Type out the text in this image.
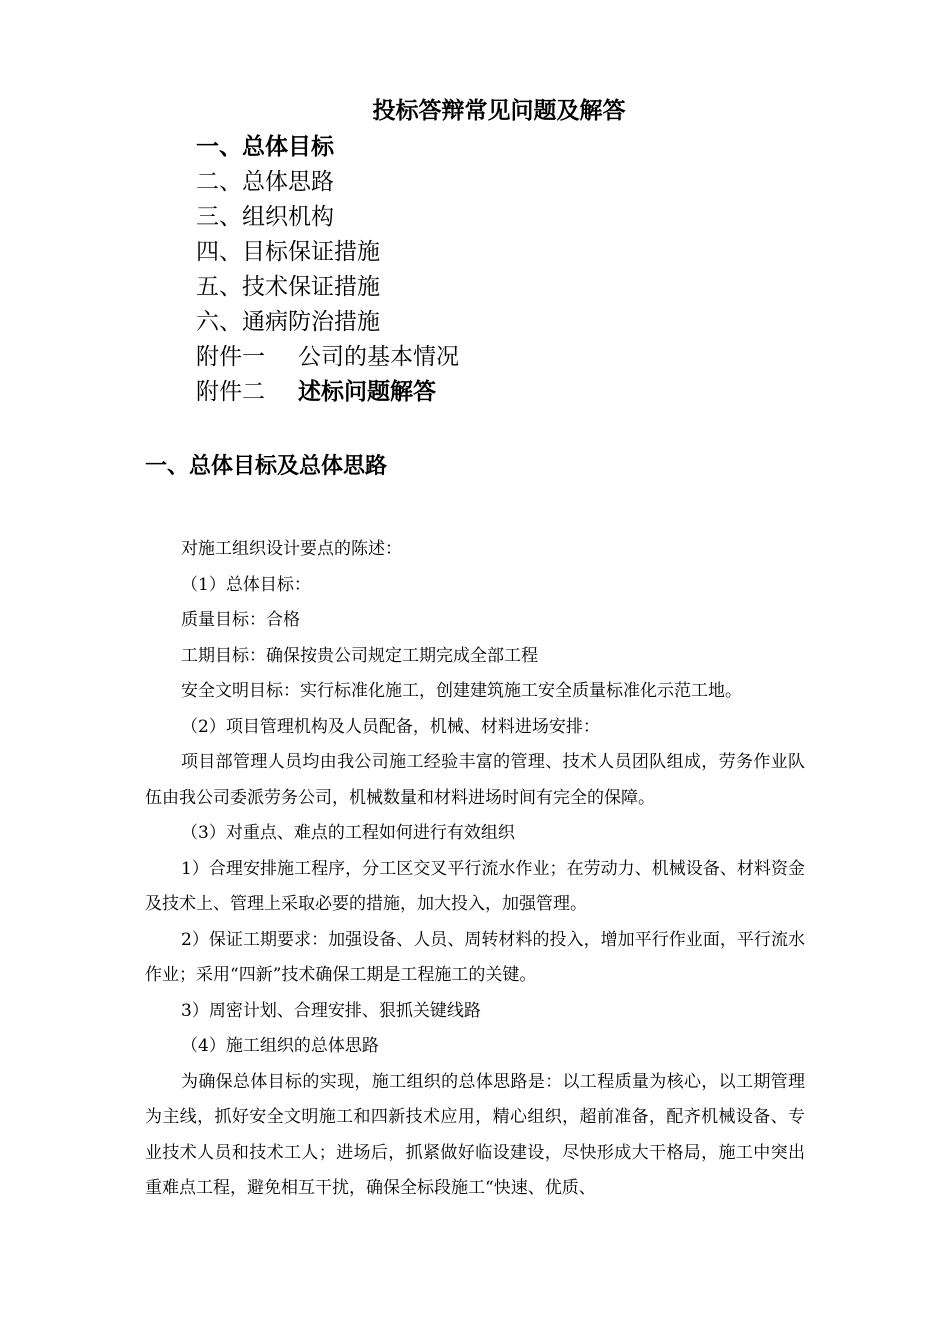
投标答辩常见问题及解答
一、总体目标
二、总体思路
三、组织机构
四、目标保证措施
五、技术保证措施
六、通病防治措施
附件一 公司的基本情况
附件二 述标问题解答
一、总体目标及总体思路

对施工组织设计要点的陈述：

（1）总体目标：

质量目标：合格

工期目标：确保按贵公司规定工期完成全部工程

安全文明目标：实行标准化施工，创建建筑施工安全质量标准化示范工地。

（2）项目管理机构及人员配备，机械、材料进场安排：

项目部管理人员均由我公司施工经验丰富的管理、技术人员团队组成，劳务作业队伍由我公司委派劳务公司，机械数量和材料进场时间有完全的保障。

（3）对重点、难点的工程如何进行有效组织

1）合理安排施工程序，分工区交叉平行流水作业；在劳动力、机械设备、材料资金及技术上、管理上采取必要的措施，加大投入，加强管理。

2）保证工期要求：加强设备、人员、周转材料的投入，增加平行作业面，平行流水作业；采用“四新”技术确保工期是工程施工的关键。

3）周密计划、合理安排、狠抓关键线路

（4）施工组织的总体思路

为确保总体目标的实现，施工组织的总体思路是：以工程质量为核心，以工期管理为主线，抓好安全文明施工和四新技术应用，精心组织，超前准备，配齐机械设备、专业技术人员和技术工人；进场后，抓紧做好临设建设，尽快形成大干格局，施工中突出重难点工程，避免相互干扰，确保全标段施工“快速、优质、
